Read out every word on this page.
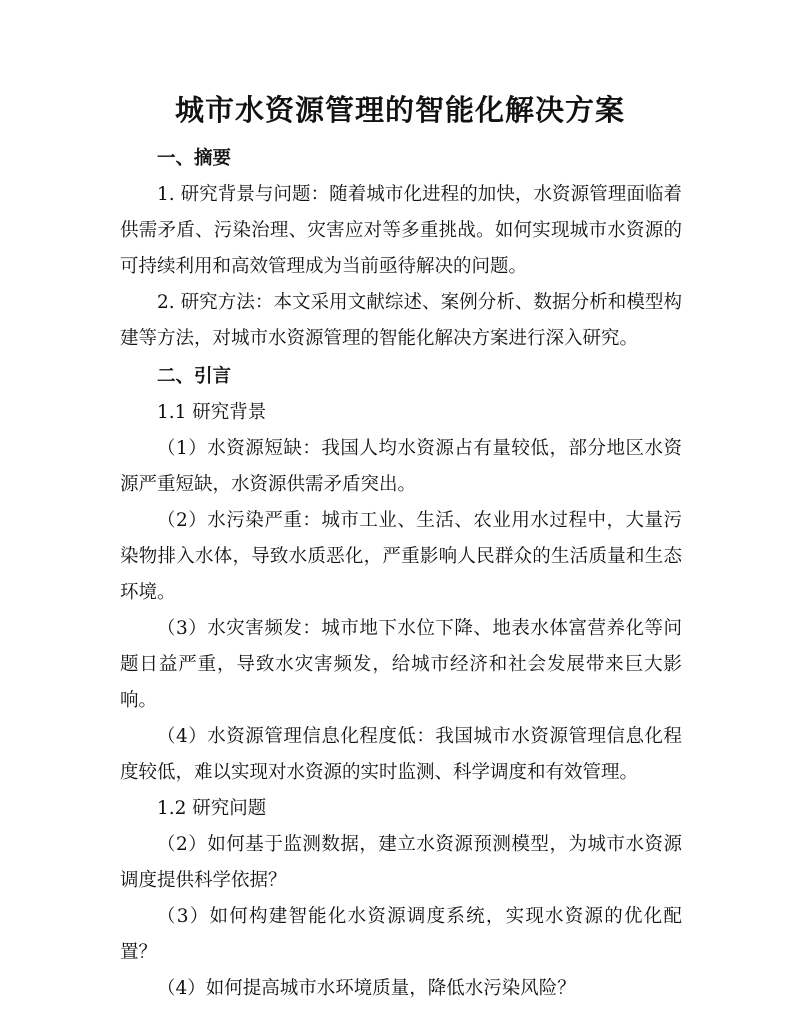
城市水资源管理的智能化解决方案

一、摘要

1. 研究背景与问题：随着城市化进程的加快，水资源管理面临着供需矛盾、污染治理、灾害应对等多重挑战。如何实现城市水资源的可持续利用和高效管理成为当前亟待解决的问题。

2. 研究方法：本文采用文献综述、案例分析、数据分析和模型构建等方法，对城市水资源管理的智能化解决方案进行深入研究。

二、引言

1.1 研究背景

（1）水资源短缺：我国人均水资源占有量较低，部分地区水资源严重短缺，水资源供需矛盾突出。

（2）水污染严重：城市工业、生活、农业用水过程中，大量污染物排入水体，导致水质恶化，严重影响人民群众的生活质量和生态环境。

（3）水灾害频发：城市地下水位下降、地表水体富营养化等问题日益严重，导致水灾害频发，给城市经济和社会发展带来巨大影响。

（4）水资源管理信息化程度低：我国城市水资源管理信息化程度较低，难以实现对水资源的实时监测、科学调度和有效管理。

1.2 研究问题

（2）如何基于监测数据，建立水资源预测模型，为城市水资源调度提供科学依据？

（3）如何构建智能化水资源调度系统，实现水资源的优化配置？

（4）如何提高城市水环境质量，降低水污染风险？
